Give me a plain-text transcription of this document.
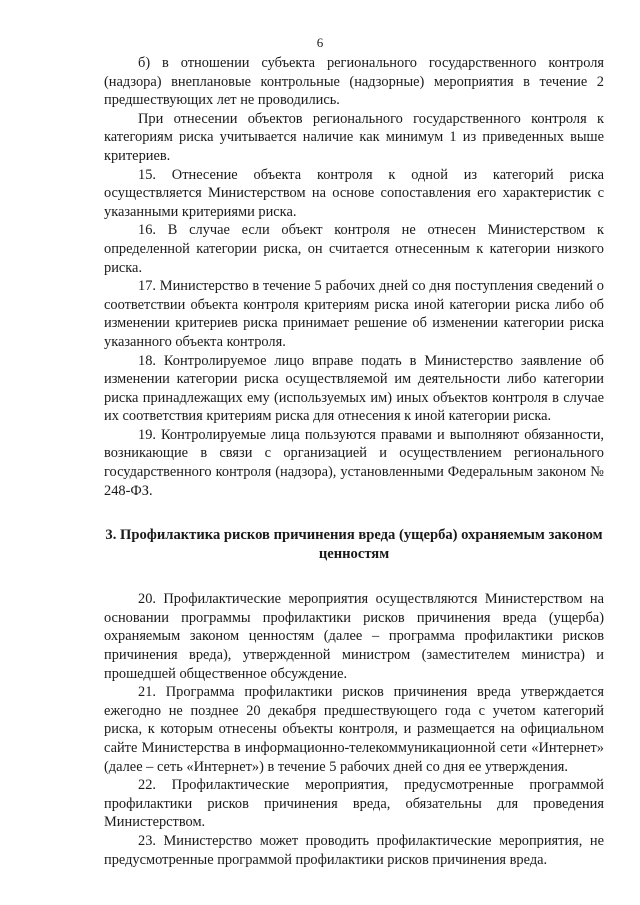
6

б) в отношении субъекта регионального государственного контроля (надзора) внеплановые контрольные (надзорные) мероприятия в течение 2 предшествующих лет не проводились.

При отнесении объектов регионального государственного контроля к категориям риска учитывается наличие как минимум 1 из приведенных выше критериев.

15. Отнесение объекта контроля к одной из категорий риска осуществляется Министерством на основе сопоставления его характеристик с указанными критериями риска.

16. В случае если объект контроля не отнесен Министерством к определенной категории риска, он считается отнесенным к категории низкого риска.

17. Министерство в течение 5 рабочих дней со дня поступления сведений о соответствии объекта контроля критериям риска иной категории риска либо об изменении критериев риска принимает решение об изменении категории риска указанного объекта контроля.

18. Контролируемое лицо вправе подать в Министерство заявление об изменении категории риска осуществляемой им деятельности либо категории риска принадлежащих ему (используемых им) иных объектов контроля в случае их соответствия критериям риска для отнесения к иной категории риска.

19. Контролируемые лица пользуются правами и выполняют обязанности, возникающие в связи с организацией и осуществлением регионального государственного контроля (надзора), установленными Федеральным законом № 248-ФЗ.

3. Профилактика рисков причинения вреда (ущерба) охраняемым законом ценностям

20. Профилактические мероприятия осуществляются Министерством на основании программы профилактики рисков причинения вреда (ущерба) охраняемым законом ценностям (далее – программа профилактики рисков причинения вреда), утвержденной министром (заместителем министра) и прошедшей общественное обсуждение.

21. Программа профилактики рисков причинения вреда утверждается ежегодно не позднее 20 декабря предшествующего года с учетом категорий риска, к которым отнесены объекты контроля, и размещается на официальном сайте Министерства в информационно-телекоммуникационной сети «Интернет» (далее – сеть «Интернет») в течение 5 рабочих дней со дня ее утверждения.

22. Профилактические мероприятия, предусмотренные программой профилактики рисков причинения вреда, обязательны для проведения Министерством.

23. Министерство может проводить профилактические мероприятия, не предусмотренные программой профилактики рисков причинения вреда.
